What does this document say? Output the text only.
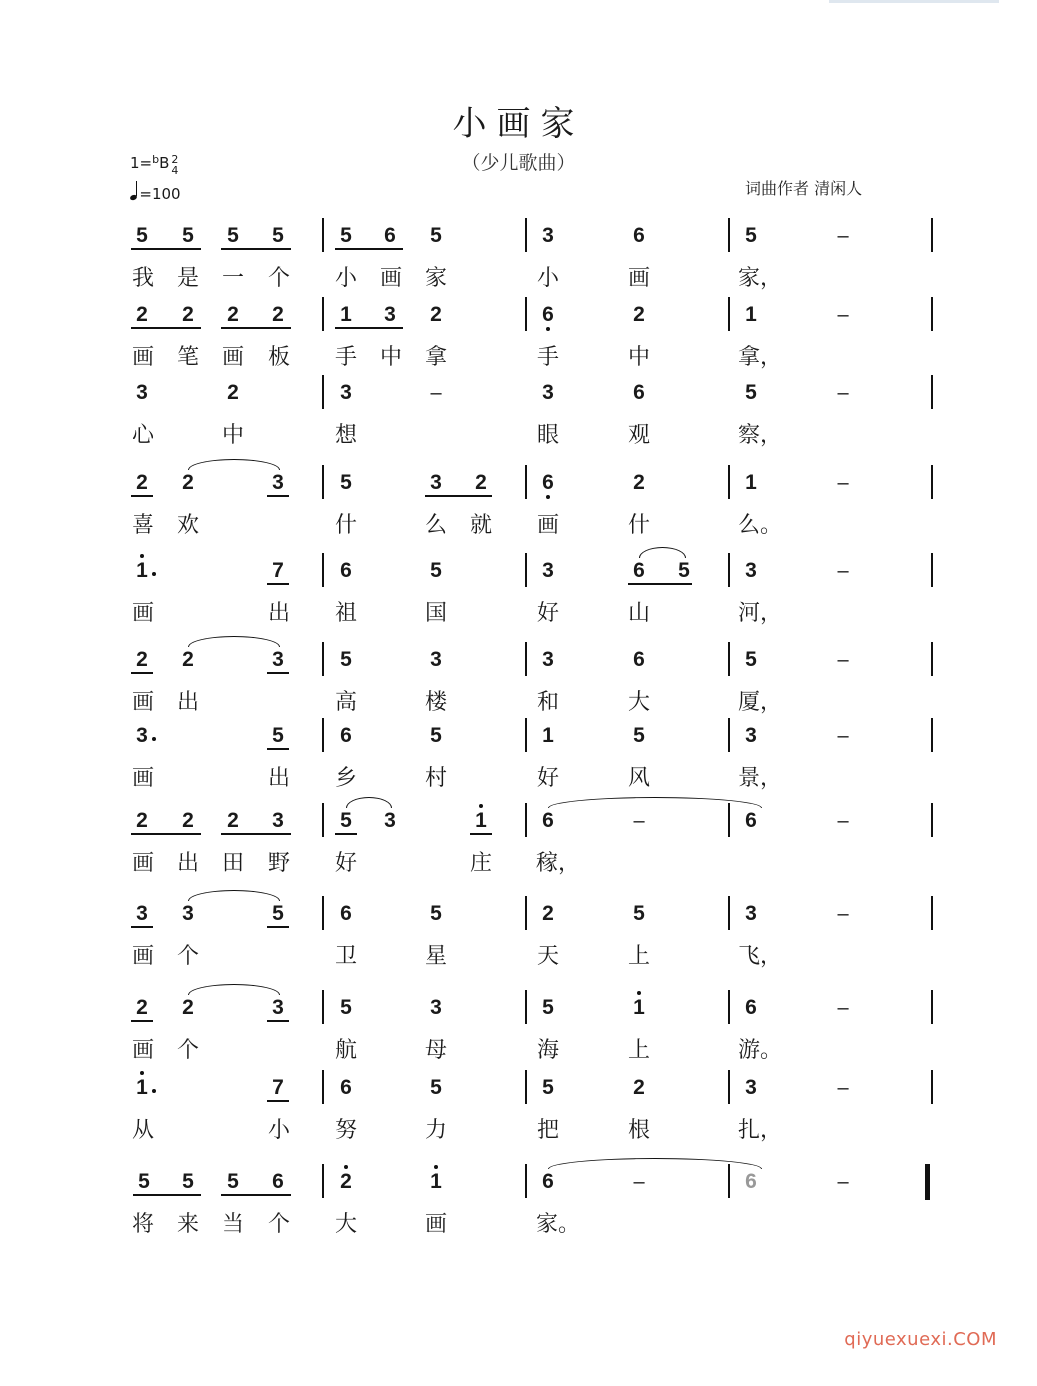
小画家
（少儿歌曲）
1=$^b$B 2
4
=100	词曲作者 清闲人
5 5 5 5	5 6 5	3	6	5	–
我 是 一 个 小 画 家	小	画	家，
2 2 2 2	1 3 2	6	2	1	–
画 笔 画 板 手 中 拿	手	中	拿，
3	2	3	–	3	6	5	–
心	中	想	眼	观	察，
2 2	3	5	3 2	6	2	1	–
喜 欢	什	么 就 画	什	么。
1	7	6	5	3	6 5	3	–
画	出 祖	国	好	山	河，
2 2	3	5	3	3	6	5	–
画 出	高	楼	和	大	厦，
3	5	6	5	1	5	3	–
画	出 乡	村	好	风	景，
2 2 2 3	5 3	1	6	–	6	–
画 出 田 野 好	庄 稼，
3 3	5	6	5	2	5	3	–
画 个	卫	星	天	上	飞，
2 2	3	5	3	5	1	6	–
画 个	航	母	海	上	游。
1	7	6	5	5	2	3	–
从	小 努	力	把	根	扎，
5 5 5 6	2	1	6	–	6	–
将 来 当 个 大	画	家。
qiyuexuexi.COM
